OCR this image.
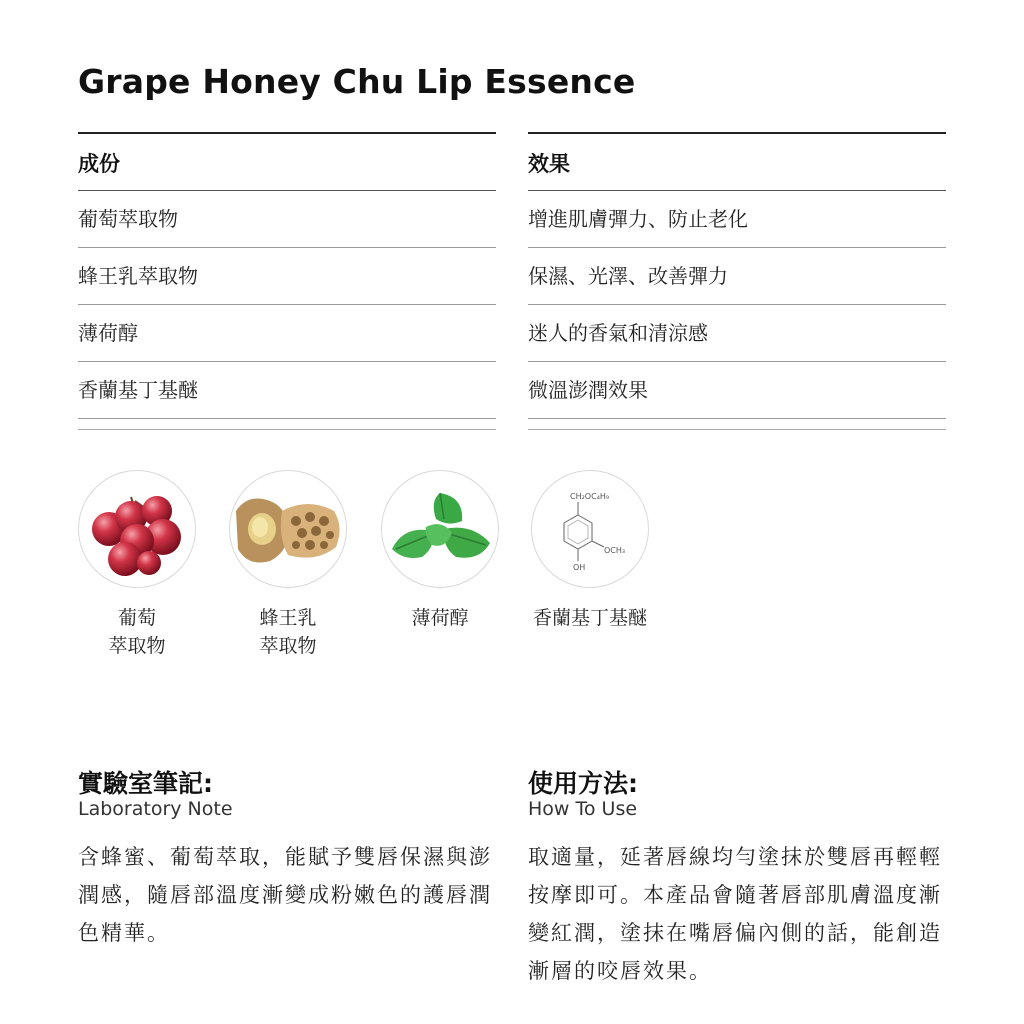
Grape Honey Chu Lip Essence
成份
葡萄萃取物
蜂王乳萃取物
薄荷醇
香蘭基丁基醚
效果
增進肌膚彈力、防止老化
保濕、光澤、改善彈力
迷人的香氣和清涼感
微溫澎潤效果
葡萄
萃取物
蜂王乳
萃取物
薄荷醇
CH₂OC₄H₉
OCH₃
OH
香蘭基丁基醚
實驗室筆記:
Laboratory Note
含蜂蜜、葡萄萃取，能賦予雙唇保濕與澎潤感，隨唇部溫度漸變成粉嫩色的護唇潤色精華。
使用方法:
How To Use
取適量，延著唇線均勻塗抹於雙唇再輕輕按摩即可。本產品會隨著唇部肌膚溫度漸變紅潤，塗抹在嘴唇偏內側的話，能創造漸層的咬唇效果。
